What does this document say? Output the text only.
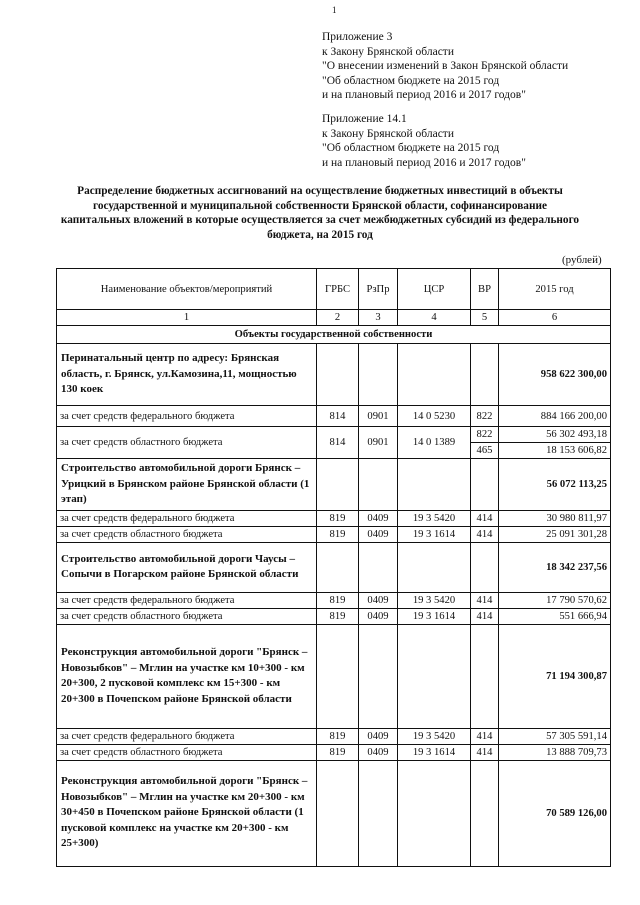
1
Приложение 3
к Закону Брянской области
"О внесении изменений в Закон Брянской области
"Об областном бюджете на 2015 год
и на плановый период 2016 и 2017 годов"
Приложение 14.1
к Закону Брянской области
"Об областном бюджете на 2015 год
и на плановый период 2016 и 2017 годов"
Распределение бюджетных ассигнований на осуществление бюджетных инвестиций в объекты государственной и муниципальной собственности Брянской области, софинансирование капитальных вложений в которые осуществляется за счет межбюджетных субсидий из федерального бюджета, на 2015 год
(рублей)
Наименование объектов/мероприятий	ГРБС	РзПр	ЦСР	ВР	2015 год
1	2	3	4	5	6
Объекты государственной собственности					
Перинатальный центр по адресу: Брянская область, г. Брянск, ул.Камозина,11, мощностью 130 коек					958 622 300,00
за счет средств федерального бюджета	814	0901	14 0 5230	822	884 166 200,00
за счет средств областного бюджета	814	0901	14 0 1389	822	56 302 493,18
				465	18 153 606,82
Строительство автомобильной дороги Брянск – Урицкий в Брянском районе Брянской области (1 этап)					56 072 113,25
за счет средств федерального бюджета	819	0409	19 3 5420	414	30 980 811,97
за счет средств областного бюджета	819	0409	19 3 1614	414	25 091 301,28
Строительство автомобильной дороги Чаусы – Сопычи в Погарском районе Брянской области					18 342 237,56
за счет средств федерального бюджета	819	0409	19 3 5420	414	17 790 570,62
за счет средств областного бюджета	819	0409	19 3 1614	414	551 666,94
Реконструкция автомобильной дороги "Брянск – Новозыбков" – Мглин на участке км 10+300 - км 20+300, 2 пусковой комплекс км 15+300 - км 20+300 в Почепском районе Брянской области					71 194 300,87
за счет средств федерального бюджета	819	0409	19 3 5420	414	57 305 591,14
за счет средств областного бюджета	819	0409	19 3 1614	414	13 888 709,73
Реконструкция автомобильной дороги "Брянск – Новозыбков" – Мглин на участке км 20+300 - км 30+450 в Почепском районе Брянской области (1 пусковой комплекс на участке км 20+300 - км 25+300)					70 589 126,00
